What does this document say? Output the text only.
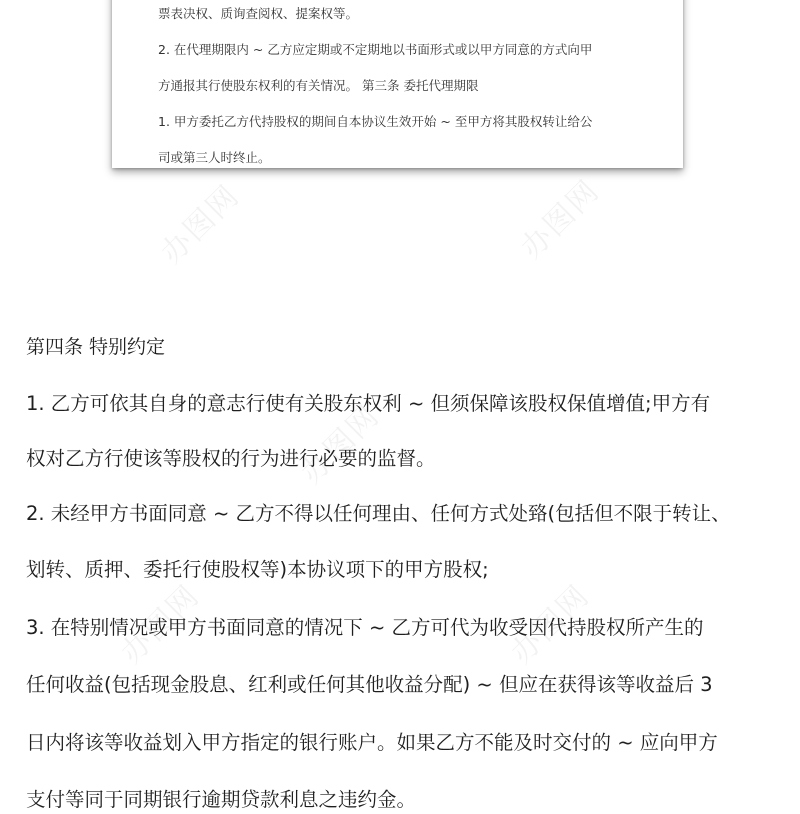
办图网	办图网
办图网
办图网	办图网
票表决权、质询查阅权、提案权等。
2. 在代理期限内 ~ 乙方应定期或不定期地以书面形式或以甲方同意的方式向甲
方通报其行使股东权利的有关情况。 第三条 委托代理期限
1. 甲方委托乙方代持股权的期间自本协议生效开始 ~ 至甲方将其股权转让给公
司或第三人时终止。
第四条 特别约定
1. 乙方可依其自身的意志行使有关股东权利 ~ 但须保障该股权保值增值;甲方有
权对乙方行使该等股权的行为进行必要的监督。
2. 未经甲方书面同意 ~ 乙方不得以任何理由、任何方式处臵(包括但不限于转让、
划转、质押、委托行使股权等)本协议项下的甲方股权;
3. 在特别情况或甲方书面同意的情况下 ~ 乙方可代为收受因代持股权所产生的
任何收益(包括现金股息、红利或任何其他收益分配) ~ 但应在获得该等收益后 3
日内将该等收益划入甲方指定的银行账户。如果乙方不能及时交付的 ~ 应向甲方
支付等同于同期银行逾期贷款利息之违约金。
